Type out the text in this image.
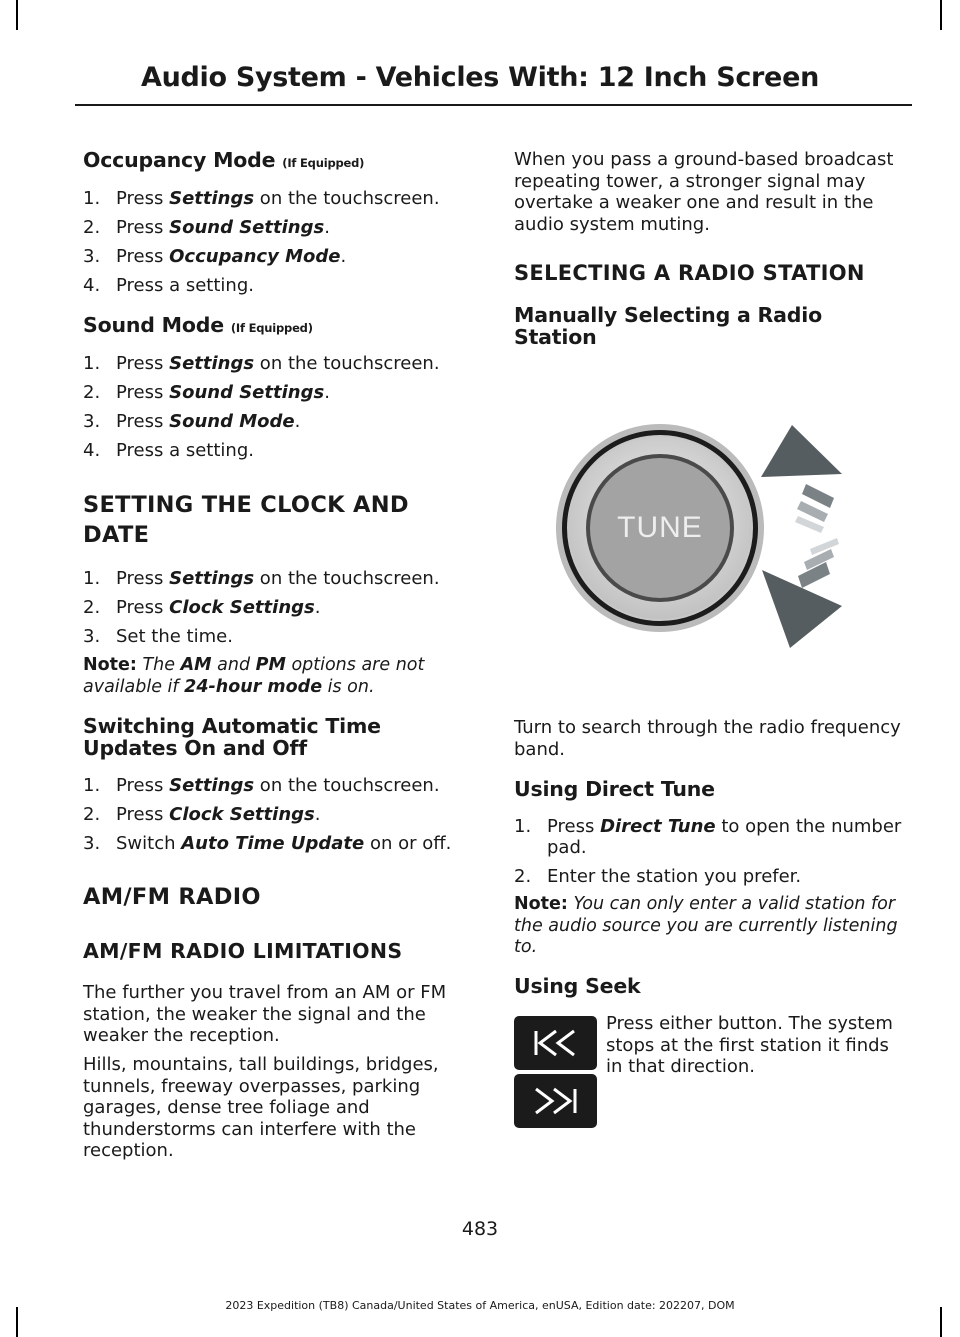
Audio System - Vehicles With: 12 Inch Screen
Occupancy Mode (If Equipped)
1. Press Settings on the touchscreen.
2. Press Sound Settings.
3. Press Occupancy Mode.
4. Press a setting.
Sound Mode (If Equipped)
1. Press Settings on the touchscreen.
2. Press Sound Settings.
3. Press Sound Mode.
4. Press a setting.
SETTING THE CLOCK AND
DATE
1. Press Settings on the touchscreen.
2. Press Clock Settings.
3. Set the time.

Note: The AM and PM options are not
available if 24-hour mode is on.

Switching Automatic Time
Updates On and Off
1. Press Settings on the touchscreen.
2. Press Clock Settings.
3. Switch Auto Time Update on or off.
AM/FM RADIO
AM/FM RADIO LIMITATIONS

The further you travel from an AM or FM
station, the weaker the signal and the
weaker the reception.

Hills, mountains, tall buildings, bridges,
tunnels, freeway overpasses, parking
garages, dense tree foliage and
thunderstorms can interfere with the
reception.

When you pass a ground-based broadcast
repeating tower, a stronger signal may
overtake a weaker one and result in the
audio system muting.

SELECTING A RADIO STATION
Manually Selecting a Radio
Station
TUNE

Turn to search through the radio frequency
band.

Using Direct Tune
1. Press Direct Tune to open the number
pad.
2. Enter the station you prefer.

Note: You can only enter a valid station for
the audio source you are currently listening
to.

Using Seek

Press either button. The system
stops at the first station it finds
in that direction.

483
2023 Expedition (TB8) Canada/United States of America, enUSA, Edition date: 202207, DOM
